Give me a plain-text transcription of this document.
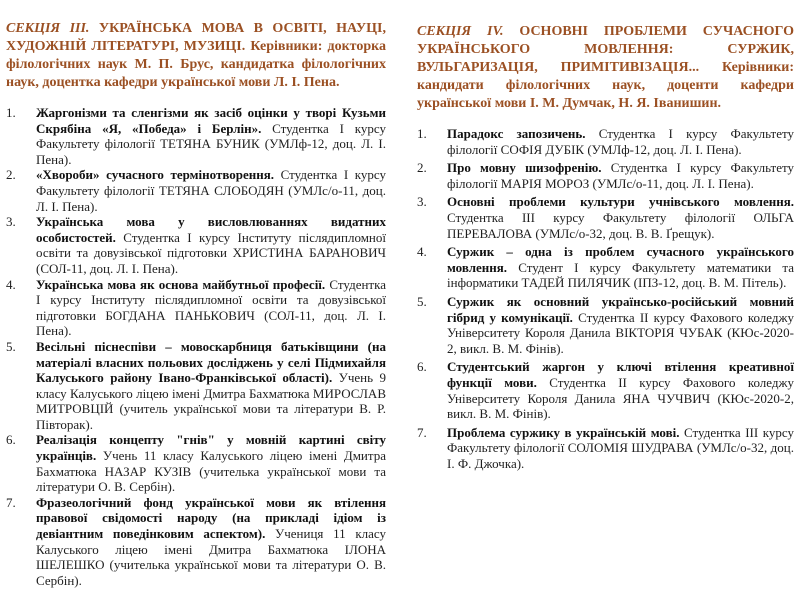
СЕКЦІЯ III. УКРАЇНСЬКА МОВА В ОСВІТІ, НАУЦІ, ХУДОЖНІЙ ЛІТЕРАТУРІ, МУЗИЦІ. Керівники: докторка філологічних наук М. П. Брус, кандидатка філологічних наук, доцентка кафедри української мови Л. І. Пена.

1.	Жаргонізми та сленгізми як засіб оцінки у творі Кузьми Скрябіна «Я, «Победа» і Берлін». Студентка І курсу Факультету філології ТЕТЯНА БУНИК (УМЛф-12, доц. Л. І. Пена).
2.	«Хвороби» сучасного термінотворення. Студентка І курсу Факультету філології ТЕТЯНА СЛОБОДЯН (УМЛс/о-11, доц. Л. І. Пена).
3.	Українська мова у висловлюваннях видатних особистостей. Студентка І курсу Інституту післядипломної освіти та довузівської підготовки ХРИСТИНА БАРАНОВИЧ (СОЛ-11, доц. Л. І. Пена).
4.	Українська мова як основа майбутньої професії. Студентка І курсу Інституту післядипломної освіти та довузівської підготовки БОГДАНА ПАНЬКОВИЧ (СОЛ-11, доц. Л. І. Пена).
5.	Весільні піснеспіви – мовоскарбниця батьківщини (на матеріалі власних польових досліджень у селі Підмихайля Калуського району Івано-Франківської області). Учень 9 класу Калуського ліцею імені Дмитра Бахматюка МИРОСЛАВ МИТРОВЦІЙ (учитель української мови та літератури В. Р. Півторак).
6.	Реалізація концепту "гнів" у мовній картині світу українців. Учень 11 класу Калуського ліцею імені Дмитра Бахматюка НАЗАР КУЗІВ (учителька української мови та літератури О. В. Сербін).
7.	Фразеологічний фонд української мови як втілення правової свідомості народу (на прикладі ідіом із девіантним поведінковим аспектом). Учениця 11 класу Калуського ліцею імені Дмитра Бахматюка ІЛОНА ШЕЛЕШКО (учителька української мови та літератури О. В. Сербін).

СЕКЦІЯ IV. ОСНОВНІ ПРОБЛЕМИ СУЧАСНОГО УКРАЇНСЬКОГО МОВЛЕННЯ: СУРЖИК, ВУЛЬГАРИЗАЦІЯ, ПРИМІТИВІЗАЦІЯ... Керівники: кандидати філологічних наук, доценти кафедри української мови І. М. Думчак, Н. Я. Іванишин.

1.	Парадокс запозичень. Студентка І курсу Факультету філології СОФІЯ ДУБІК (УМЛф-12, доц. Л. І. Пена).
2.	Про мовну шизофренію. Студентка І курсу Факультету філології МАРІЯ МОРОЗ (УМЛс/о-11, доц. Л. І. Пена).
3.	Основні проблеми культури учнівського мовлення. Студентка ІІІ курсу Факультету філології ОЛЬГА ПЕРЕВАЛОВА (УМЛс/о-32, доц. В. В. Ґрещук).
4.	Суржик – одна із проблем сучасного українського мовлення. Студент І курсу Факультету математики та інформатики ТАДЕЙ ПИЛЯЧИК (ІПЗ-12, доц. В. М. Пітель).
5.	Суржик як основний українсько-російський мовний гібрид у комунікації. Студентка ІІ курсу Фахового коледжу Університету Короля Данила ВІКТОРІЯ ЧУБАК (КЮс-2020-2, викл. В. М. Фінів).
6.	Студентський жаргон у ключі втілення креативної функції мови. Студентка ІІ курсу Фахового коледжу Університету Короля Данила ЯНА ЧУЧВИЧ (КЮс-2020-2, викл. В. М. Фінів).
7.	Проблема суржику в українській мові. Студентка ІІІ курсу Факультету філології СОЛОМІЯ ШУДРАВА (УМЛс/о-32, доц. І. Ф. Джочка).
